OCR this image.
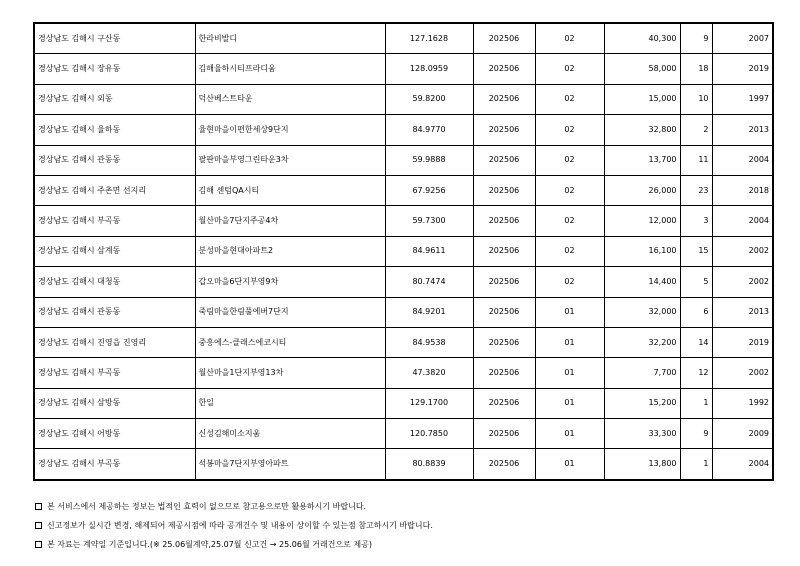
경상남도 김해시 구산동	한라비발디	127.1628	202506	02	40,300	9	2007
경상남도 김해시 장유동	김해율하시티프라디움	128.0959	202506	02	58,000	18	2019
경상남도 김해시 외동	덕산베스트타운	59.8200	202506	02	15,000	10	1997
경상남도 김해시 율하동	율현마을이편한세상9단지	84.9770	202506	02	32,800	2	2013
경상남도 김해시 관동동	팔판마을부영그린타운3차	59.9888	202506	02	13,700	11	2004
경상남도 김해시 주촌면 선지리	김해 센텀QA시티	67.9256	202506	02	26,000	23	2018
경상남도 김해시 부곡동	월산마을7단지주공4차	59.7300	202506	02	12,000	3	2004
경상남도 김해시 삼계동	분성마을현대아파트2	84.9611	202506	02	16,100	15	2002
경상남도 김해시 대청동	갑오마을6단지부영9차	80.7474	202506	02	14,400	5	2002
경상남도 김해시 관동동	죽림마을한림풀에버7단지	84.9201	202506	01	32,000	6	2013
경상남도 김해시 진영읍 진영리	중흥에스-클래스에코시티	84.9538	202506	01	32,200	14	2019
경상남도 김해시 부곡동	월산마을1단지부영13차	47.3820	202506	01	7,700	12	2002
경상남도 김해시 삼방동	한일	129.1700	202506	01	15,200	1	1992
경상남도 김해시 어방동	신성김해미소지움	120.7850	202506	01	33,300	9	2009
경상남도 김해시 부곡동	석봉마을7단지부영아파트	80.8839	202506	01	13,800	1	2004
본 서비스에서 제공하는 정보는 법적인 효력이 없으므로 참고용으로만 활용하시기 바랍니다.
신고정보가 실시간 변경, 해제되어 제공시점에 따라 공개건수 및 내용이 상이할 수 있는점 참고하시기 바랍니다.
본 자료는 계약일 기준입니다.(※ 25.06월계약,25.07월 신고건 → 25.06월 거래건으로 제공)
